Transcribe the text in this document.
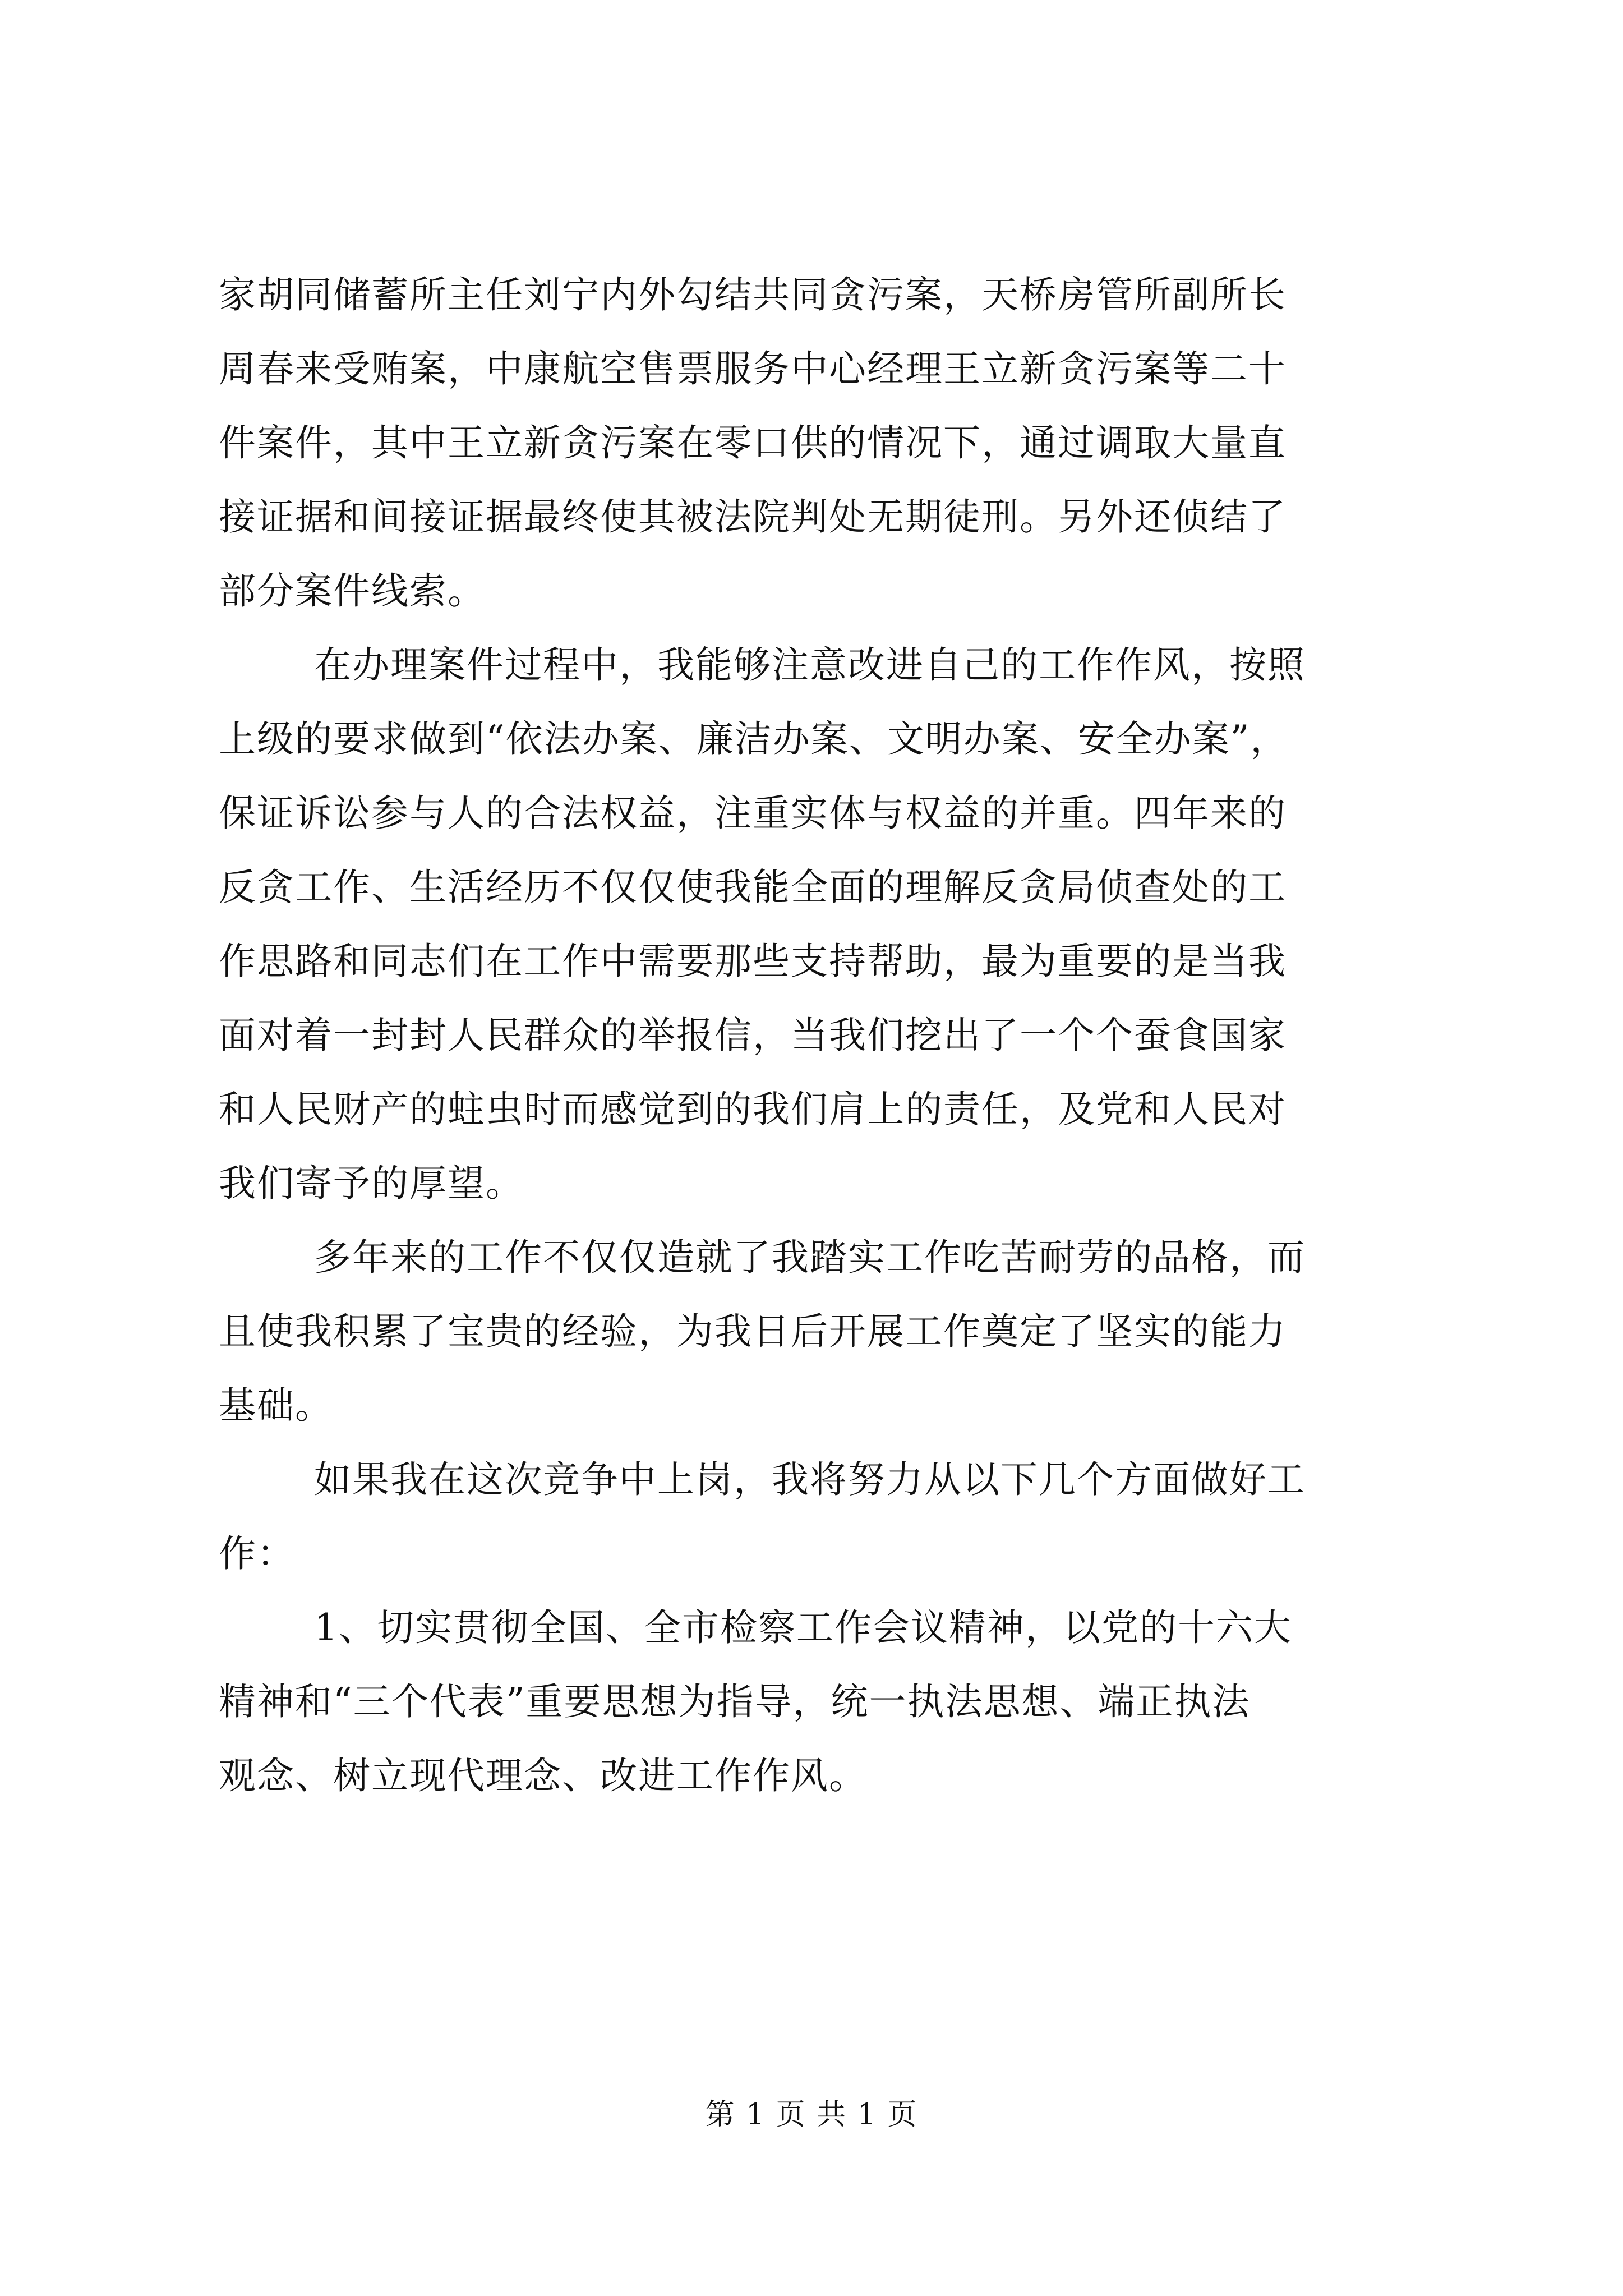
家胡同储蓄所主任刘宁内外勾结共同贪污案，天桥房管所副所长
周春来受贿案，中康航空售票服务中心经理王立新贪污案等二十
件案件，其中王立新贪污案在零口供的情况下，通过调取大量直
接证据和间接证据最终使其被法院判处无期徒刑。另外还侦结了
部分案件线索。
在办理案件过程中，我能够注意改进自己的工作作风，按照
上级的要求做到“依法办案、廉洁办案、文明办案、安全办案”，
保证诉讼参与人的合法权益，注重实体与权益的并重。四年来的
反贪工作、生活经历不仅仅使我能全面的理解反贪局侦查处的工
作思路和同志们在工作中需要那些支持帮助，最为重要的是当我
面对着一封封人民群众的举报信，当我们挖出了一个个蚕食国家
和人民财产的蛀虫时而感觉到的我们肩上的责任，及党和人民对
我们寄予的厚望。
多年来的工作不仅仅造就了我踏实工作吃苦耐劳的品格，而
且使我积累了宝贵的经验，为我日后开展工作奠定了坚实的能力
基础。
如果我在这次竞争中上岗，我将努力从以下几个方面做好工
作：
1、切实贯彻全国、全市检察工作会议精神，以党的十六大
精神和“三个代表”重要思想为指导，统一执法思想、端正执法
观念、树立现代理念、改进工作作风。
第 1 页 共 1 页
